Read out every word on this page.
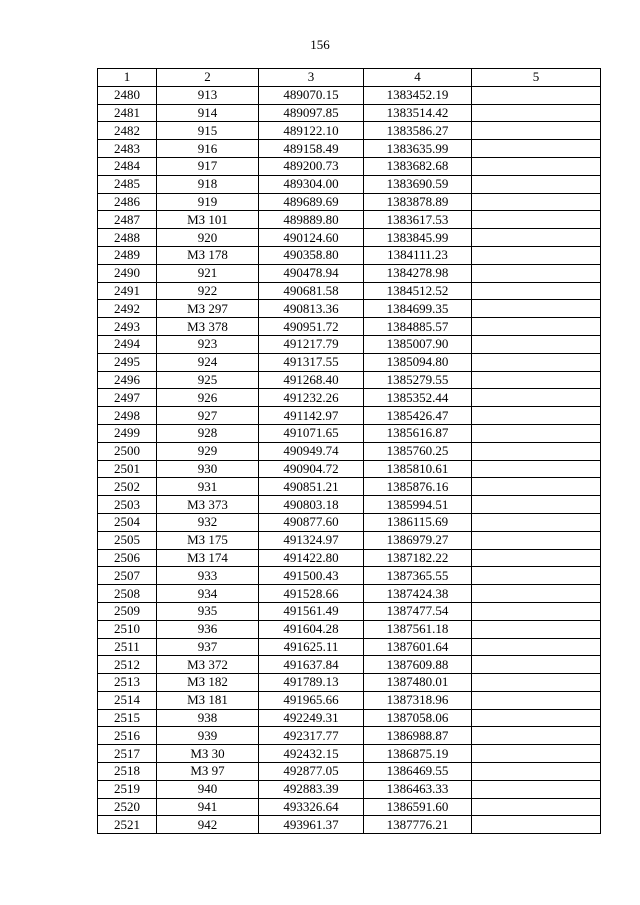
156
1	2	3	4	5
2480	913	489070.15	1383452.19	
2481	914	489097.85	1383514.42	
2482	915	489122.10	1383586.27	
2483	916	489158.49	1383635.99	
2484	917	489200.73	1383682.68	
2485	918	489304.00	1383690.59	
2486	919	489689.69	1383878.89	
2487	МЗ 101	489889.80	1383617.53	
2488	920	490124.60	1383845.99	
2489	МЗ 178	490358.80	1384111.23	
2490	921	490478.94	1384278.98	
2491	922	490681.58	1384512.52	
2492	МЗ 297	490813.36	1384699.35	
2493	МЗ 378	490951.72	1384885.57	
2494	923	491217.79	1385007.90	
2495	924	491317.55	1385094.80	
2496	925	491268.40	1385279.55	
2497	926	491232.26	1385352.44	
2498	927	491142.97	1385426.47	
2499	928	491071.65	1385616.87	
2500	929	490949.74	1385760.25	
2501	930	490904.72	1385810.61	
2502	931	490851.21	1385876.16	
2503	МЗ 373	490803.18	1385994.51	
2504	932	490877.60	1386115.69	
2505	МЗ 175	491324.97	1386979.27	
2506	МЗ 174	491422.80	1387182.22	
2507	933	491500.43	1387365.55	
2508	934	491528.66	1387424.38	
2509	935	491561.49	1387477.54	
2510	936	491604.28	1387561.18	
2511	937	491625.11	1387601.64	
2512	МЗ 372	491637.84	1387609.88	
2513	МЗ 182	491789.13	1387480.01	
2514	МЗ 181	491965.66	1387318.96	
2515	938	492249.31	1387058.06	
2516	939	492317.77	1386988.87	
2517	МЗ 30	492432.15	1386875.19	
2518	МЗ 97	492877.05	1386469.55	
2519	940	492883.39	1386463.33	
2520	941	493326.64	1386591.60	
2521	942	493961.37	1387776.21	
